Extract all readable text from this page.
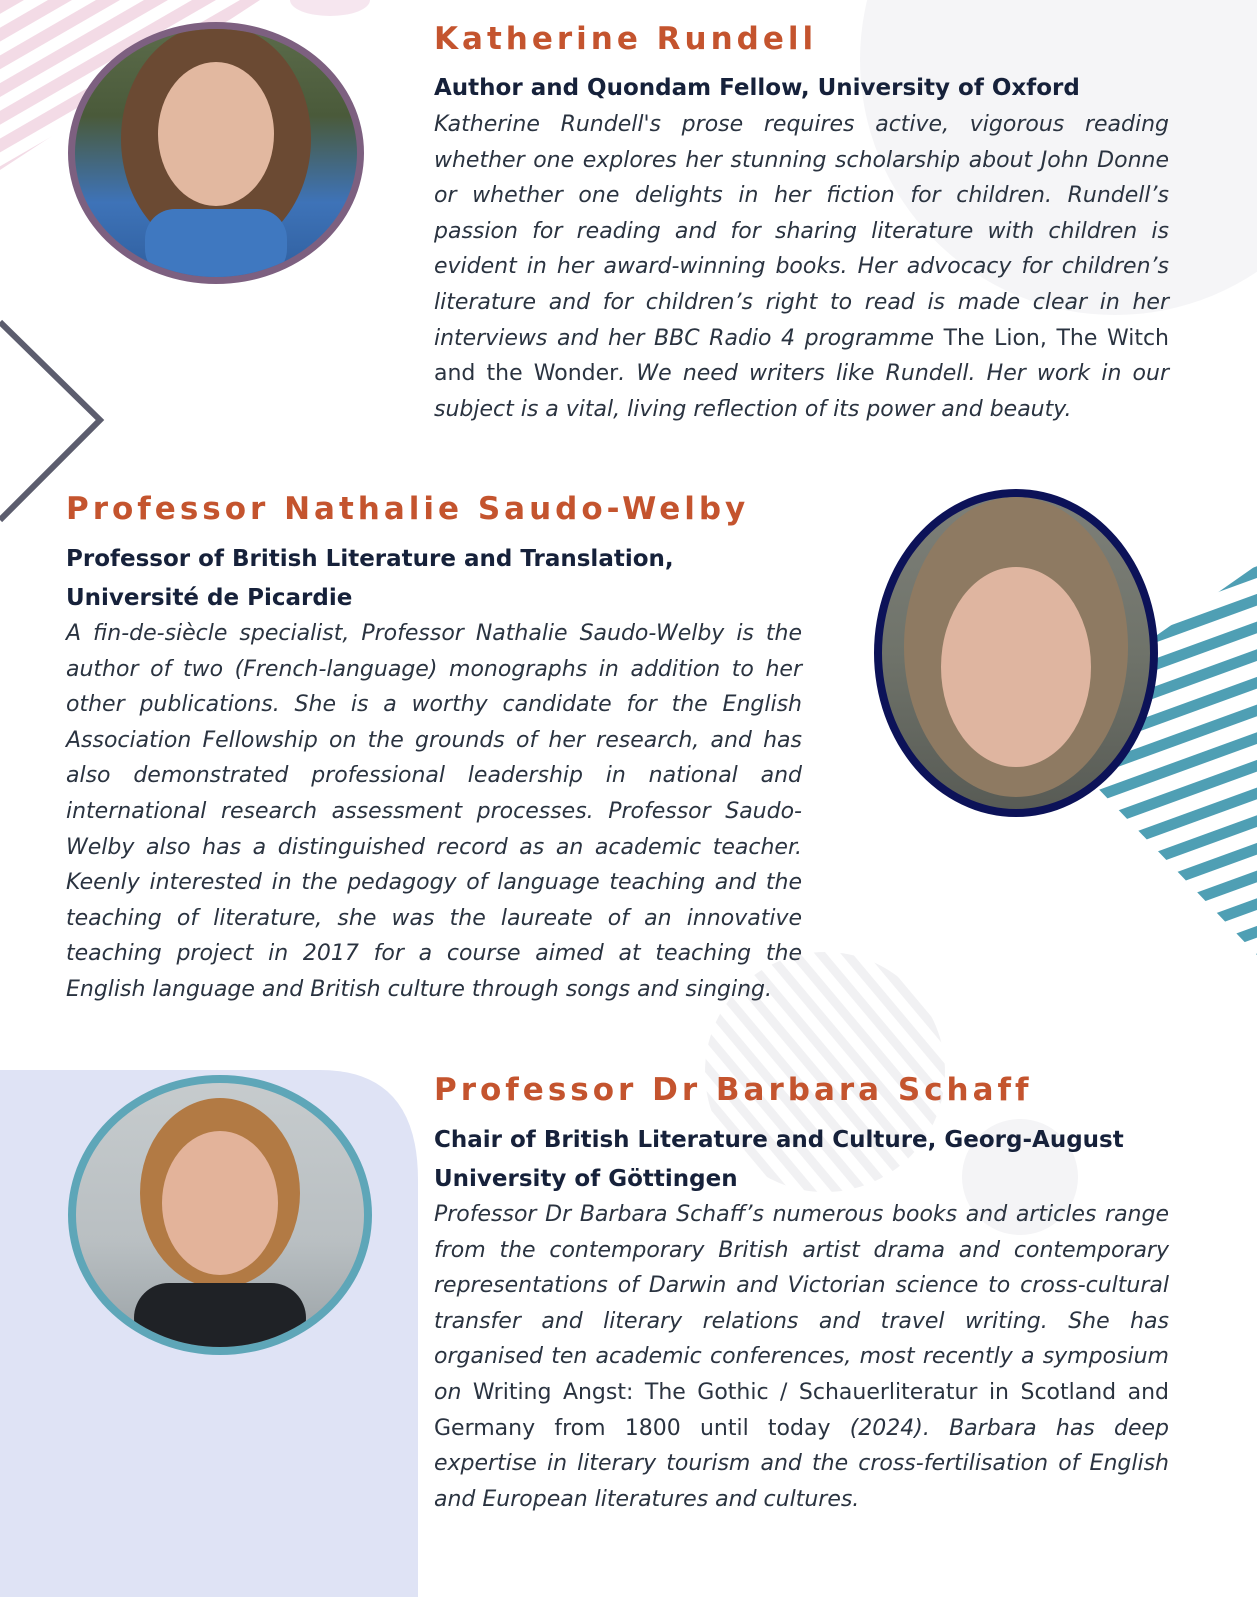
Katherine Rundell
Author and Quondam Fellow, University of Oxford

Katherine Rundell's prose requires active, vigorous reading whether one explores her stunning scholarship about John Donne or whether one delights in her fiction for children. Rundell’s passion for reading and for sharing literature with children is evident in her award-winning books. Her advocacy for children’s literature and for children’s right to read is made clear in her interviews and her BBC Radio 4 programme The Lion, The Witch and the Wonder. We need writers like Rundell. Her work in our subject is a vital, living reflection of its power and beauty.

Professor Nathalie Saudo-Welby
Professor of British Literature and Translation, Université de Picardie

A fin-de-siècle specialist, Professor Nathalie Saudo-Welby is the author of two (French-language) monographs in addition to her other publications. She is a worthy candidate for the English Association Fellowship on the grounds of her research, and has also demonstrated professional leadership in national and international research assessment processes. Professor Saudo-Welby also has a distinguished record as an academic teacher. Keenly interested in the pedagogy of language teaching and the teaching of literature, she was the laureate of an innovative teaching project in 2017 for a course aimed at teaching the English language and British culture through songs and singing.

Professor Dr Barbara Schaff
Chair of British Literature and Culture, Georg-August University of Göttingen

Professor Dr Barbara Schaff’s numerous books and articles range from the contemporary British artist drama and contemporary representations of Darwin and Victorian science to cross-cultural transfer and literary relations and travel writing. She has organised ten academic conferences, most recently a symposium on Writing Angst: The Gothic / Schauerliteratur in Scotland and Germany from 1800 until today (2024). Barbara has deep expertise in literary tourism and the cross-fertilisation of English and European literatures and cultures.
